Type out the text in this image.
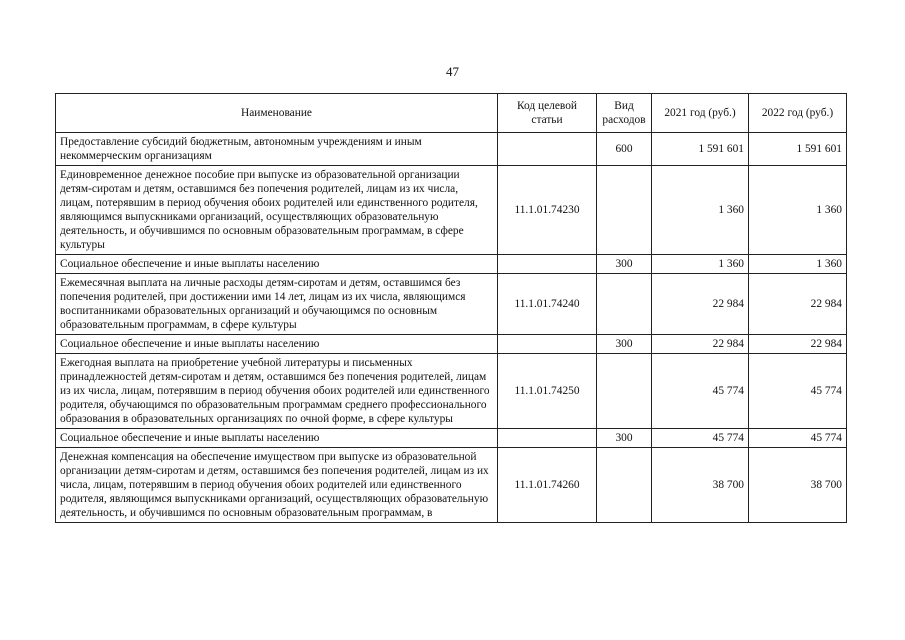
47
Наименование	Код целевой статьи	Вид расходов	2021 год (руб.)	2022 год (руб.)
Предоставление субсидий бюджетным, автономным учреждениям и иным некоммерческим организациям		600	1 591 601	1 591 601
Единовременное денежное пособие при выпуске из образовательной организации детям-сиротам и детям, оставшимся без попечения родителей, лицам из их числа, лицам, потерявшим в период обучения обоих родителей или единственного родителя, являющимся выпускниками организаций, осуществляющих образовательную деятельность, и обучившимся по основным образовательным программам, в сфере культуры	11.1.01.74230		1 360	1 360
Социальное обеспечение и иные выплаты населению		300	1 360	1 360
Ежемесячная выплата на личные расходы детям-сиротам и детям, оставшимся без попечения родителей, при достижении ими 14 лет, лицам из их числа, являющимся воспитанниками образовательных организаций и обучающимся по основным образовательным программам, в сфере культуры	11.1.01.74240		22 984	22 984
Социальное обеспечение и иные выплаты населению		300	22 984	22 984
Ежегодная выплата на приобретение учебной литературы и письменных принадлежностей детям-сиротам и детям, оставшимся без попечения родителей, лицам из их числа, лицам, потерявшим в период обучения обоих родителей или единственного родителя, обучающимся по образовательным программам среднего профессионального образования в образовательных организациях по очной форме, в сфере культуры	11.1.01.74250		45 774	45 774
Социальное обеспечение и иные выплаты населению		300	45 774	45 774
Денежная компенсация на обеспечение имуществом при выпуске из образовательной организации детям-сиротам и детям, оставшимся без попечения родителей, лицам из их числа, лицам, потерявшим в период обучения обоих родителей или единственного родителя, являющимся выпускниками организаций, осуществляющих образовательную деятельность, и обучившимся по основным образовательным программам, в	11.1.01.74260		38 700	38 700
